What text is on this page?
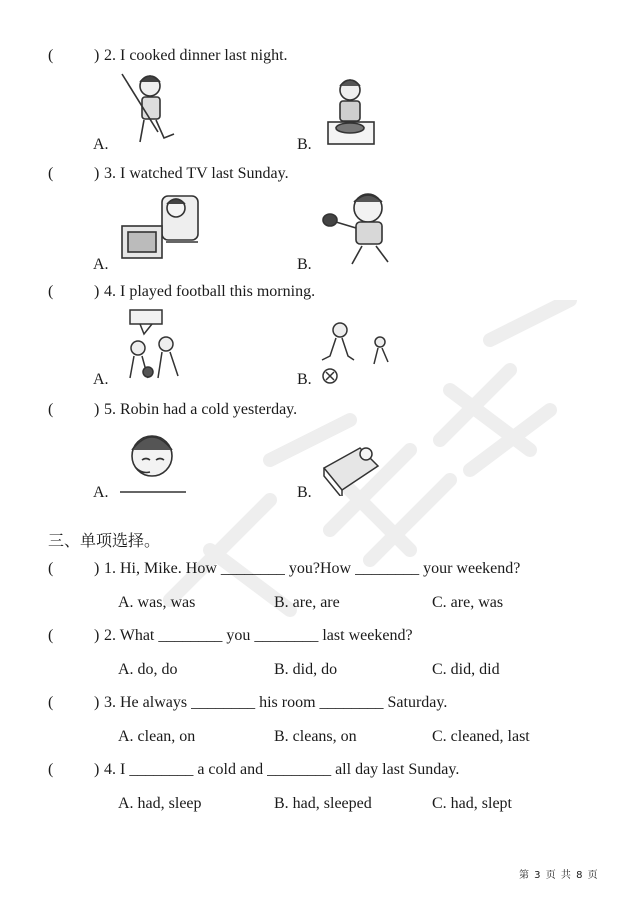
(	) 2. I cooked dinner last night.
A.	B.
(	) 3. I watched TV last Sunday.
A.	B.
(	) 4. I played football this morning.
A.	B.
(	) 5. Robin had a cold yesterday.
A.	B.
三、单项选择。
(	) 1. Hi, Mike. How ________ you?How ________ your weekend?
A. was, was	B. are, are	C. are, was
(	) 2. What ________ you ________ last weekend?
A. do, do	B. did, do	C. did, did
(	) 3. He always ________ his room ________ Saturday.
A. clean, on	B. cleans, on	C. cleaned, last
(	) 4. I ________ a cold and ________ all day last Sunday.
A. had, sleep	B. had, sleeped	C. had, slept
第 3 页 共 8 页
